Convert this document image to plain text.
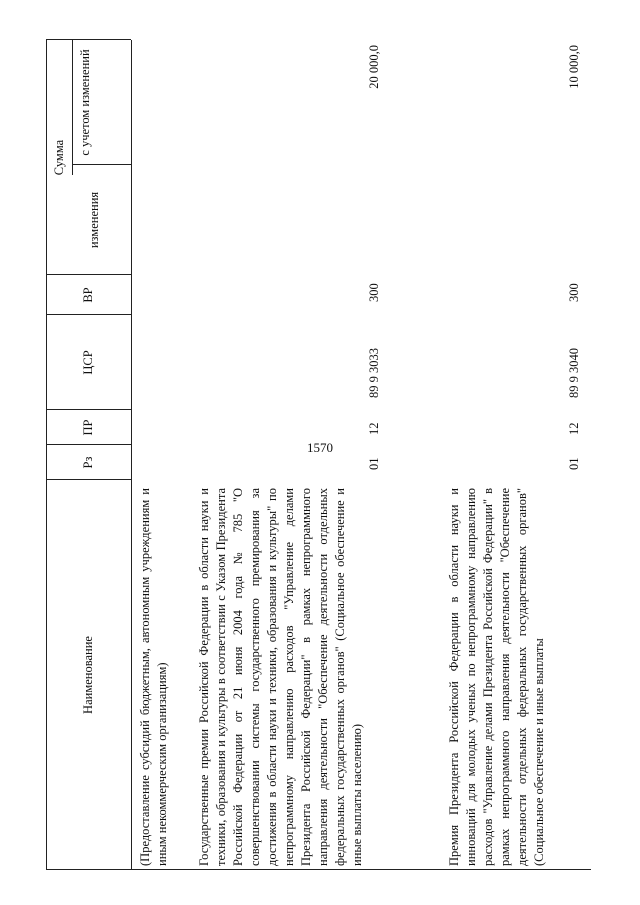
1570
Наименование
Рз
ПР
ЦСР
ВР
Сумма
изменения
с учетом изменений
(Предоставление субсидий бюджетным, автономным учреждениям и иным некоммерческим организациям) Государственные премии Российской Федерации в области науки и техники, образования и культуры в соответствии с Указом Президента Российской Федерации от 21 июня 2004 года № 785 "О совершенствовании системы государственного премирования за достижения в области науки и техники, образования и культуры" по непрограммному направлению расходов "Управление делами Президента Российской Федерации" в рамках непрограммного направления деятельности "Обеспечение деятельности отдельных федеральных государственных органов" (Социальное обеспечение и иные выплаты населению)
01
12
89 9 3033
300
20 000,0
Премия Президента Российской Федерации в области науки и инноваций для молодых ученых по непрограммному направлению расходов "Управление делами Президента Российской Федерации" в рамках непрограммного направления деятельности "Обеспечение деятельности отдельных федеральных государственных органов" (Социальное обеспечение и иные выплаты
01
12
89 9 3040
300
10 000,0
